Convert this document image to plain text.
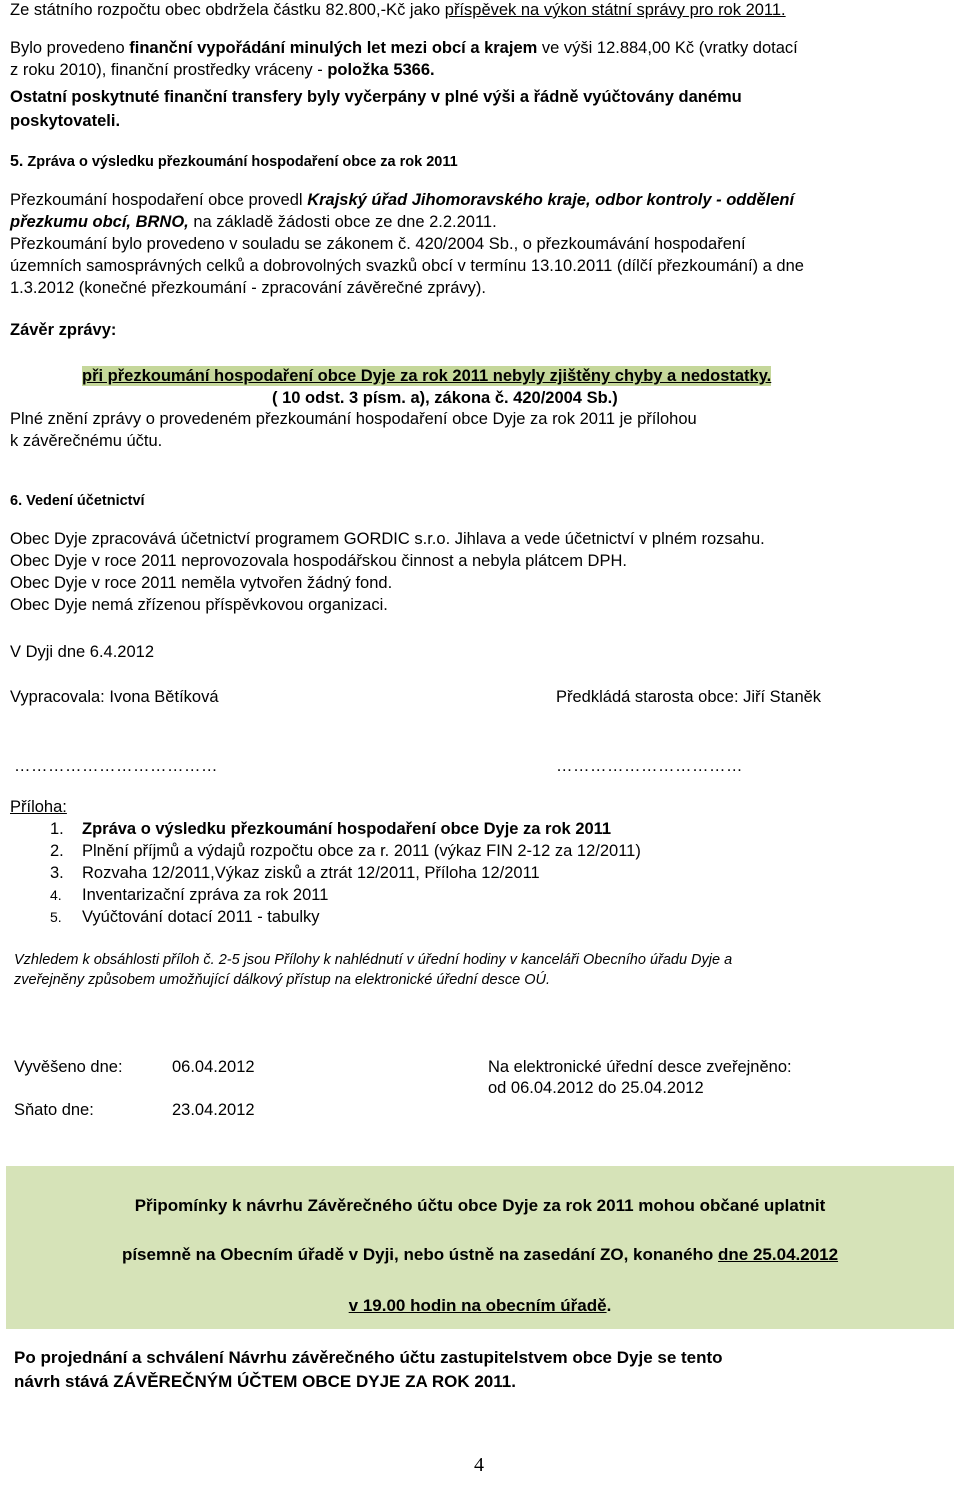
Ze státního rozpočtu obec obdržela částku 82.800,-Kč jako příspěvek na výkon státní správy pro rok 2011.
Bylo provedeno finanční vypořádání minulých let mezi obcí a krajem ve výši 12.884,00 Kč (vratky dotací
z roku 2010), finanční prostředky vráceny - položka 5366.
Ostatní poskytnuté finanční transfery byly vyčerpány v plné výši a řádně vyúčtovány danému
poskytovateli.
5. Zpráva o výsledku přezkoumání hospodaření obce za rok 2011
Přezkoumání hospodaření obce provedl Krajský úřad Jihomoravského kraje, odbor kontroly - oddělení
přezkumu obcí, BRNO, na základě žádosti obce ze dne 2.2.2011.
Přezkoumání bylo provedeno v souladu se zákonem č. 420/2004 Sb., o přezkoumávání hospodaření
územních samosprávných celků a dobrovolných svazků obcí v termínu 13.10.2011 (dílčí přezkoumání) a dne
1.3.2012 (konečné přezkoumání - zpracování závěrečné zprávy).
Závěr zprávy:
při přezkoumání hospodaření obce Dyje za rok 2011 nebyly zjištěny chyby a nedostatky.
( 10 odst. 3 písm. a), zákona č. 420/2004 Sb.)
Plné znění zprávy o provedeném přezkoumání hospodaření obce Dyje za rok 2011 je přílohou
k závěrečnému účtu.
6. Vedení účetnictví
Obec Dyje zpracovává účetnictví programem GORDIC s.r.o. Jihlava a vede účetnictví v plném rozsahu.
Obec Dyje v roce 2011 neprovozovala hospodářskou činnost a nebyla plátcem DPH.
Obec Dyje v roce 2011 neměla vytvořen žádný fond.
Obec Dyje nemá zřízenou příspěvkovou organizaci.
V Dyji dne 6.4.2012
Vypracovala: Ivona Bětíková	Předkládá starosta obce: Jiří Staněk
………………………………	……………………………
Příloha:
1. Zpráva o výsledku přezkoumání hospodaření obce Dyje za rok 2011
2. Plnění příjmů a výdajů rozpočtu obce za r. 2011 (výkaz FIN 2-12 za 12/2011)
3. Rozvaha 12/2011,Výkaz zisků a ztrát 12/2011, Příloha 12/2011
4. Inventarizační zpráva za rok 2011
5. Vyúčtování dotací 2011 - tabulky
Vzhledem k obsáhlosti příloh č. 2-5 jsou Přílohy k nahlédnutí v úřední hodiny v kanceláři Obecního úřadu Dyje a
zveřejněny způsobem umožňující dálkový přístup na elektronické úřední desce OÚ.
Vyvěšeno dne:	06.04.2012
Sňato dne:	23.04.2012
Na elektronické úřední desce zveřejněno:
od 06.04.2012 do 25.04.2012
Připomínky k návrhu Závěrečného účtu obce Dyje za rok 2011 mohou občané uplatnit
písemně na Obecním úřadě v Dyji, nebo ústně na zasedání ZO, konaného dne 25.04.2012
v 19.00 hodin na obecním úřadě.
Po projednání a schválení Návrhu závěrečného účtu zastupitelstvem obce Dyje se tento
návrh stává ZÁVĚREČNÝM ÚČTEM OBCE DYJE ZA ROK 2011.
4
